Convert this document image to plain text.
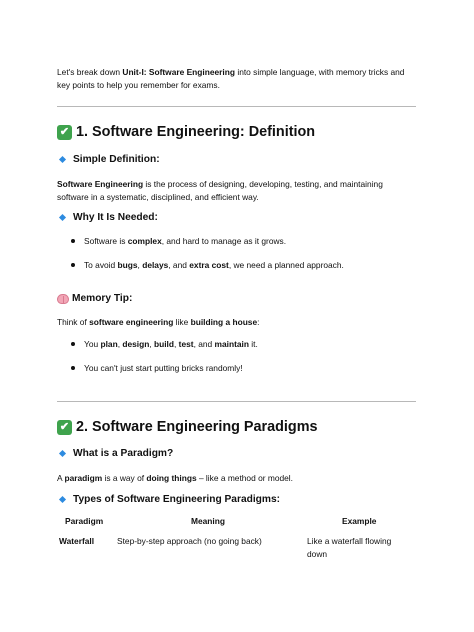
Let's break down Unit-I: Software Engineering into simple language, with memory tricks and
key points to help you remember for exams.
✔ 1. Software Engineering: Definition
Simple Definition:
Software Engineering is the process of designing, developing, testing, and maintaining
software in a systematic, disciplined, and efficient way.
Why It Is Needed:
Software is complex, and hard to manage as it grows.
To avoid bugs, delays, and extra cost, we need a planned approach.
Memory Tip:
Think of software engineering like building a house:
You plan, design, build, test, and maintain it.
You can't just start putting bricks randomly!
✔ 2. Software Engineering Paradigms
What is a Paradigm?
A paradigm is a way of doing things – like a method or model.
Types of Software Engineering Paradigms:
Paradigm	Meaning	Example
Waterfall	Step-by-step approach (no going back)	Like a waterfall flowing
down
